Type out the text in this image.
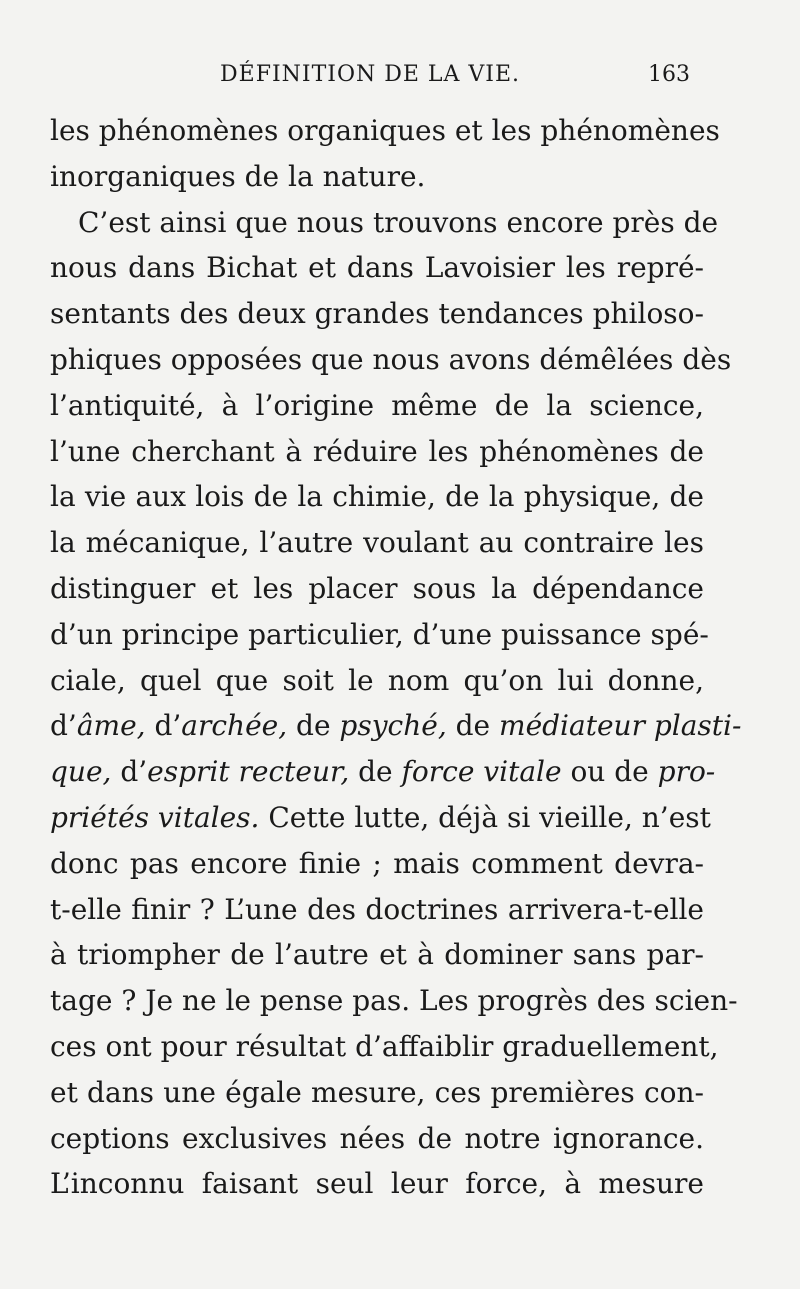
DÉFINITION DE LA VIE.	163
les phénomènes organiques et les phénomènes
inorganiques de la nature.
C’est ainsi que nous trouvons encore près de
nous dans Bichat et dans Lavoisier les repré-
sentants des deux grandes tendances philoso-
phiques opposées que nous avons démêlées dès
l’antiquité, à l’origine même de la science,
l’une cherchant à réduire les phénomènes de
la vie aux lois de la chimie, de la physique, de
la mécanique, l’autre voulant au contraire les
distinguer et les placer sous la dépendance
d’un principe particulier, d’une puissance spé-
ciale, quel que soit le nom qu’on lui donne,
d’âme, d’archée, de psyché, de médiateur plasti-
que, d’esprit recteur, de force vitale ou de pro-
priétés vitales. Cette lutte, déjà si vieille, n’est
donc pas encore finie ; mais comment devra-
t-elle finir ? L’une des doctrines arrivera-t-elle
à triompher de l’autre et à dominer sans par-
tage ? Je ne le pense pas. Les progrès des scien-
ces ont pour résultat d’affaiblir graduellement,
et dans une égale mesure, ces premières con-
ceptions exclusives nées de notre ignorance.
L’inconnu faisant seul leur force, à mesure
